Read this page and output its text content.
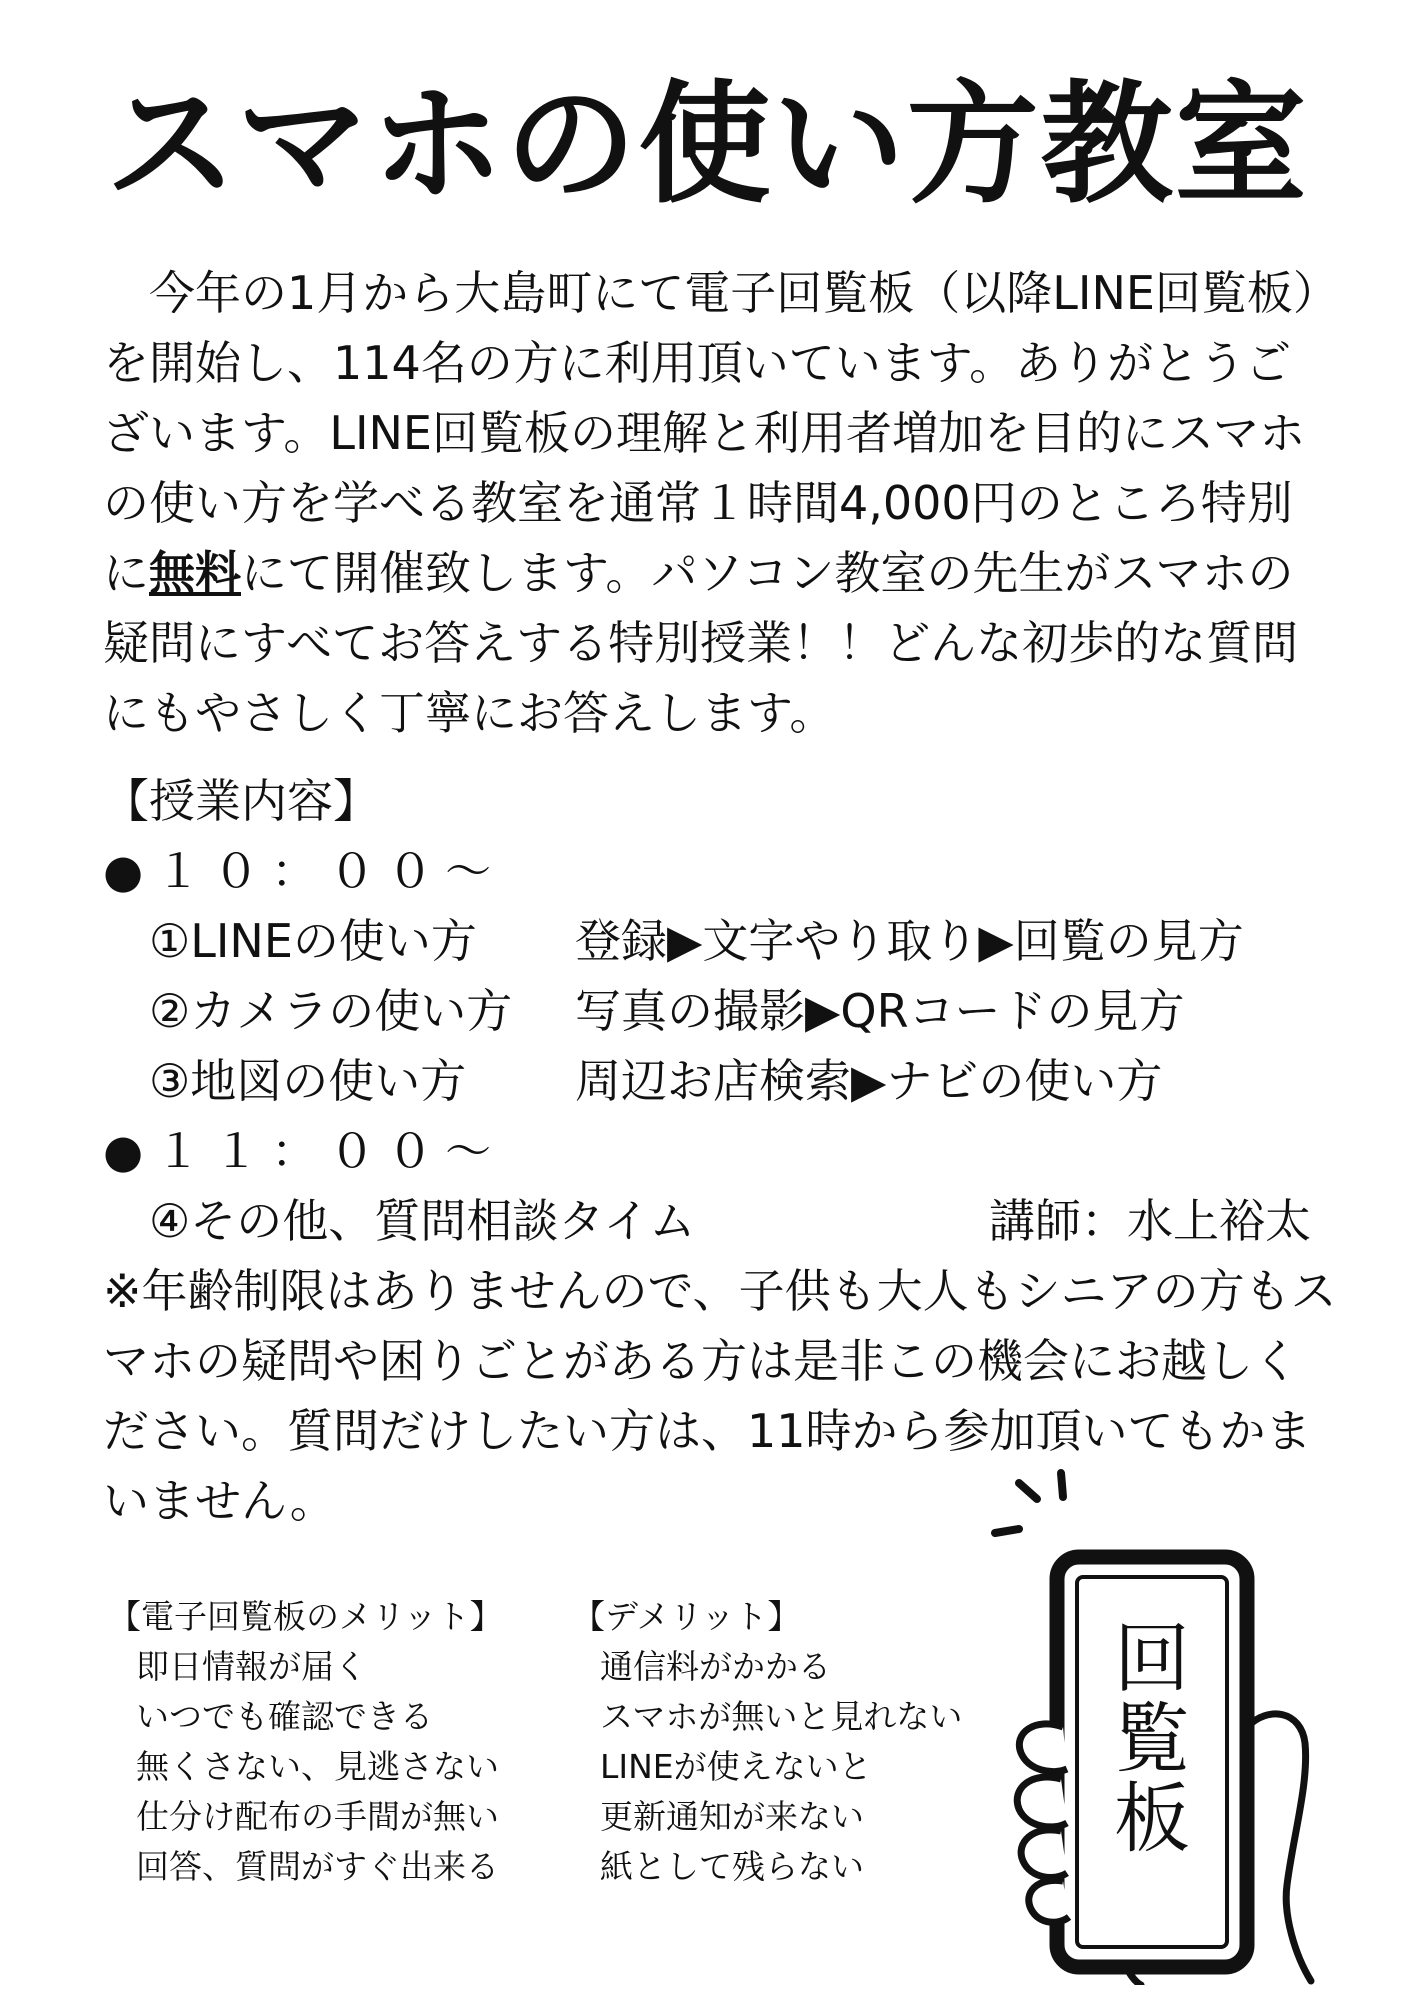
スマホの使い方教室

今年の1月から大島町にて電子回覧板（以降LINE回覧板）を開始し、114名の方に利用頂いています。ありがとうございます。LINE回覧板の理解と利用者増加を目的にスマホの使い方を学べる教室を通常１時間4,000円のところ特別に無料にて開催致します。パソコン教室の先生がスマホの疑問にすべてお答えする特別授業！！どんな初歩的な質問にもやさしく丁寧にお答えします。

【授業内容】
●１０：００～
①LINEの使い方 登録▶文字やり取り▶回覧の見方
②カメラの使い方 写真の撮影▶QRコードの見方
③地図の使い方 周辺お店検索▶ナビの使い方
●１１：００～
④その他、質問相談タイム	講師：水上裕太

※年齢制限はありませんので、子供も大人もシニアの方もスマホの疑問や困りごとがある方は是非この機会にお越しください。質問だけしたい方は、11時から参加頂いてもかまいません。

【電子回覧板のメリット】
即日情報が届く
いつでも確認できる
無くさない、見逃さない
仕分け配布の手間が無い
回答、質問がすぐ出来る
【デメリット】
通信料がかかる
スマホが無いと見れない
LINEが使えないと
更新通知が来ない
紙として残らない
回
覧
板
